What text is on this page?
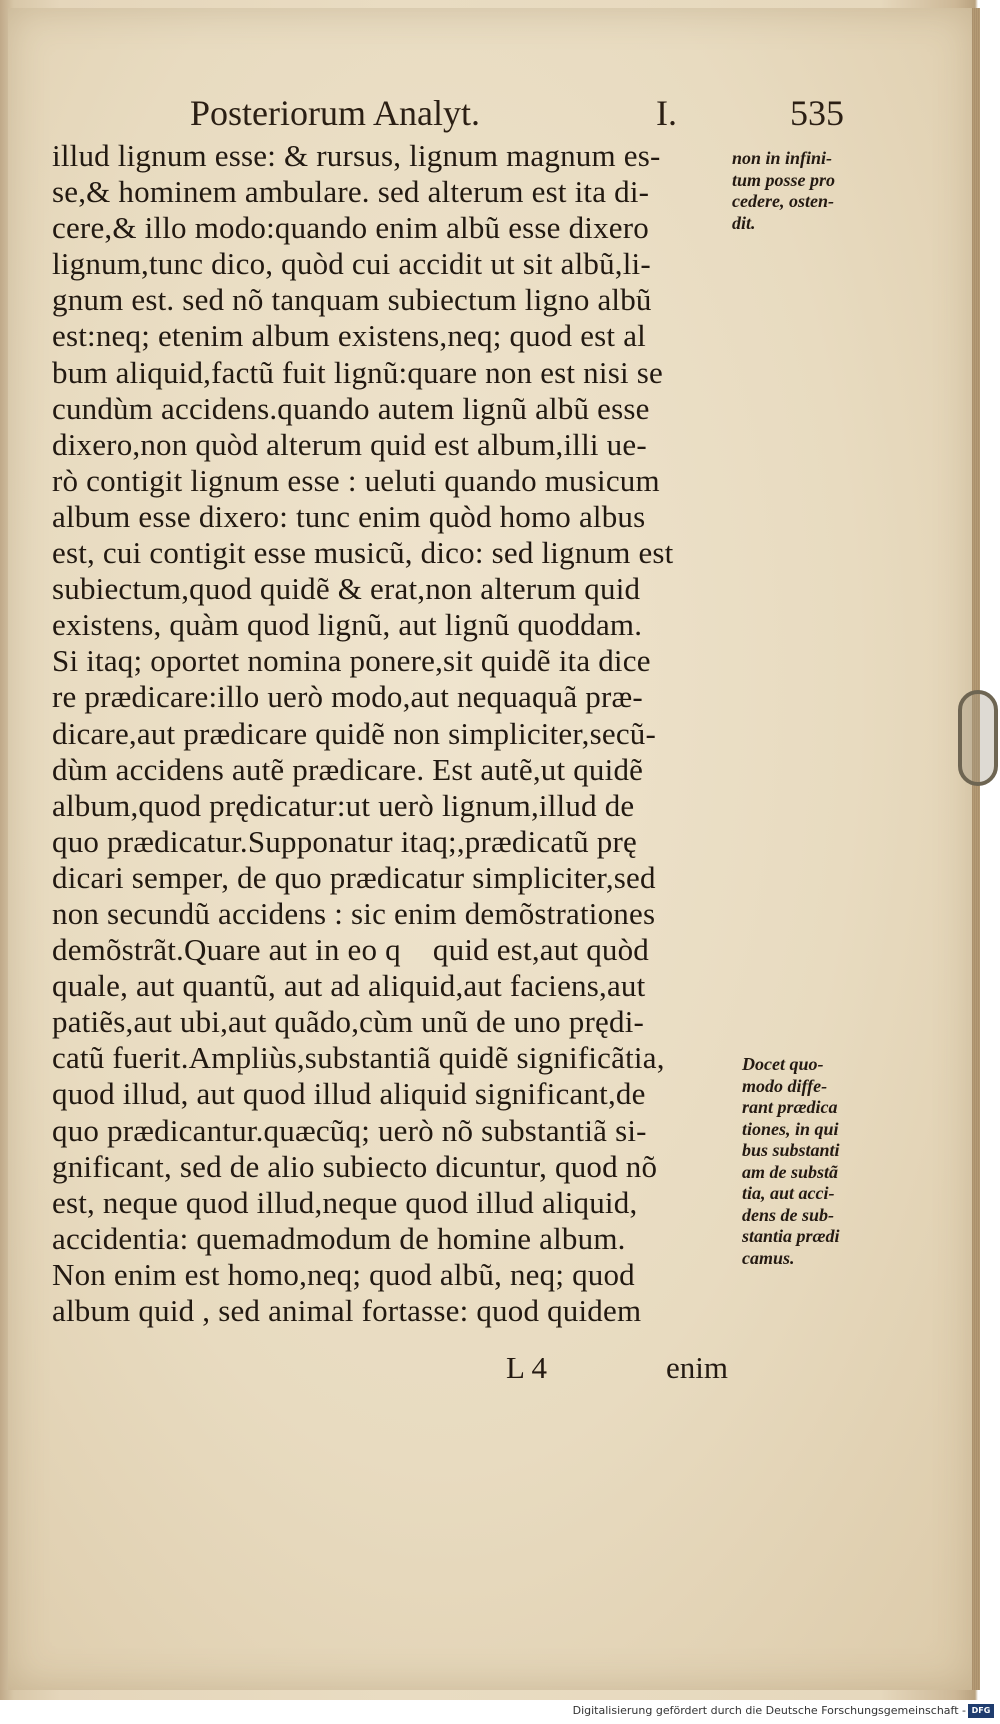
Posteriorum Analyt.	I.	535
illud lignum esse: & rursus, lignum magnum es-
se,& hominem ambulare. sed alterum est ita di-
cere,& illo modo:quando enim albũ esse dixero
lignum,tunc dico, quòd cui accidit ut sit albũ,li-
gnum est. sed nõ tanquam subiectum ligno albũ
est:neq; etenim album existens,neq; quod est al
bum aliquid,factũ fuit lignũ:quare non est nisi se
cundùm accidens.quando autem lignũ albũ esse
dixero,non quòd alterum quid est album,illi ue-
rò contigit lignum esse : ueluti quando musicum
album esse dixero: tunc enim quòd homo albus
est, cui contigit esse musicũ, dico: sed lignum est
subiectum,quod quidẽ & erat,non alterum quid
existens, quàm quod lignũ, aut lignũ quoddam.
Si itaq; oportet nomina ponere,sit quidẽ ita dice
re prædicare:illo uerò modo,aut nequaquã præ-
dicare,aut prædicare quidẽ non simpliciter,secũ-
dùm accidens autẽ prædicare. Est autẽ,ut quidẽ
album,quod prędicatur:ut uerò lignum,illud de
quo prædicatur.Supponatur itaq;,prædicatũ prę
dicari semper, de quo prædicatur simpliciter,sed
non secundũ accidens : sic enim demõstrationes
demõstrãt.Quare aut in eo q᷑ quid est,aut quòd
quale, aut quantũ, aut ad aliquid,aut faciens,aut
patiẽs,aut ubi,aut quãdo,cùm unũ de uno prędi-
catũ fuerit.Ampliùs,substantiã quidẽ significãtia,
quod illud, aut quod illud aliquid significant,de
quo prædicantur.quæcũq; uerò nõ substantiã si-
gnificant, sed de alio subiecto dicuntur, quod nõ
est, neque quod illud,neque quod illud aliquid,
accidentia: quemadmodum de homine album.
Non enim est homo,neq; quod albũ, neq; quod
album quid , sed animal fortasse: quod quidem
non in infini-
tum posse pro
cedere, osten-
dit.
Docet quo-
modo diffe-
rant prædica
tiones, in qui
bus substanti
am de substã
tia, aut acci-
dens de sub-
stantia prædi
camus.
L 4	enim
Digitalisierung gefördert durch die Deutsche Forschungsgemeinschaft - DFG
